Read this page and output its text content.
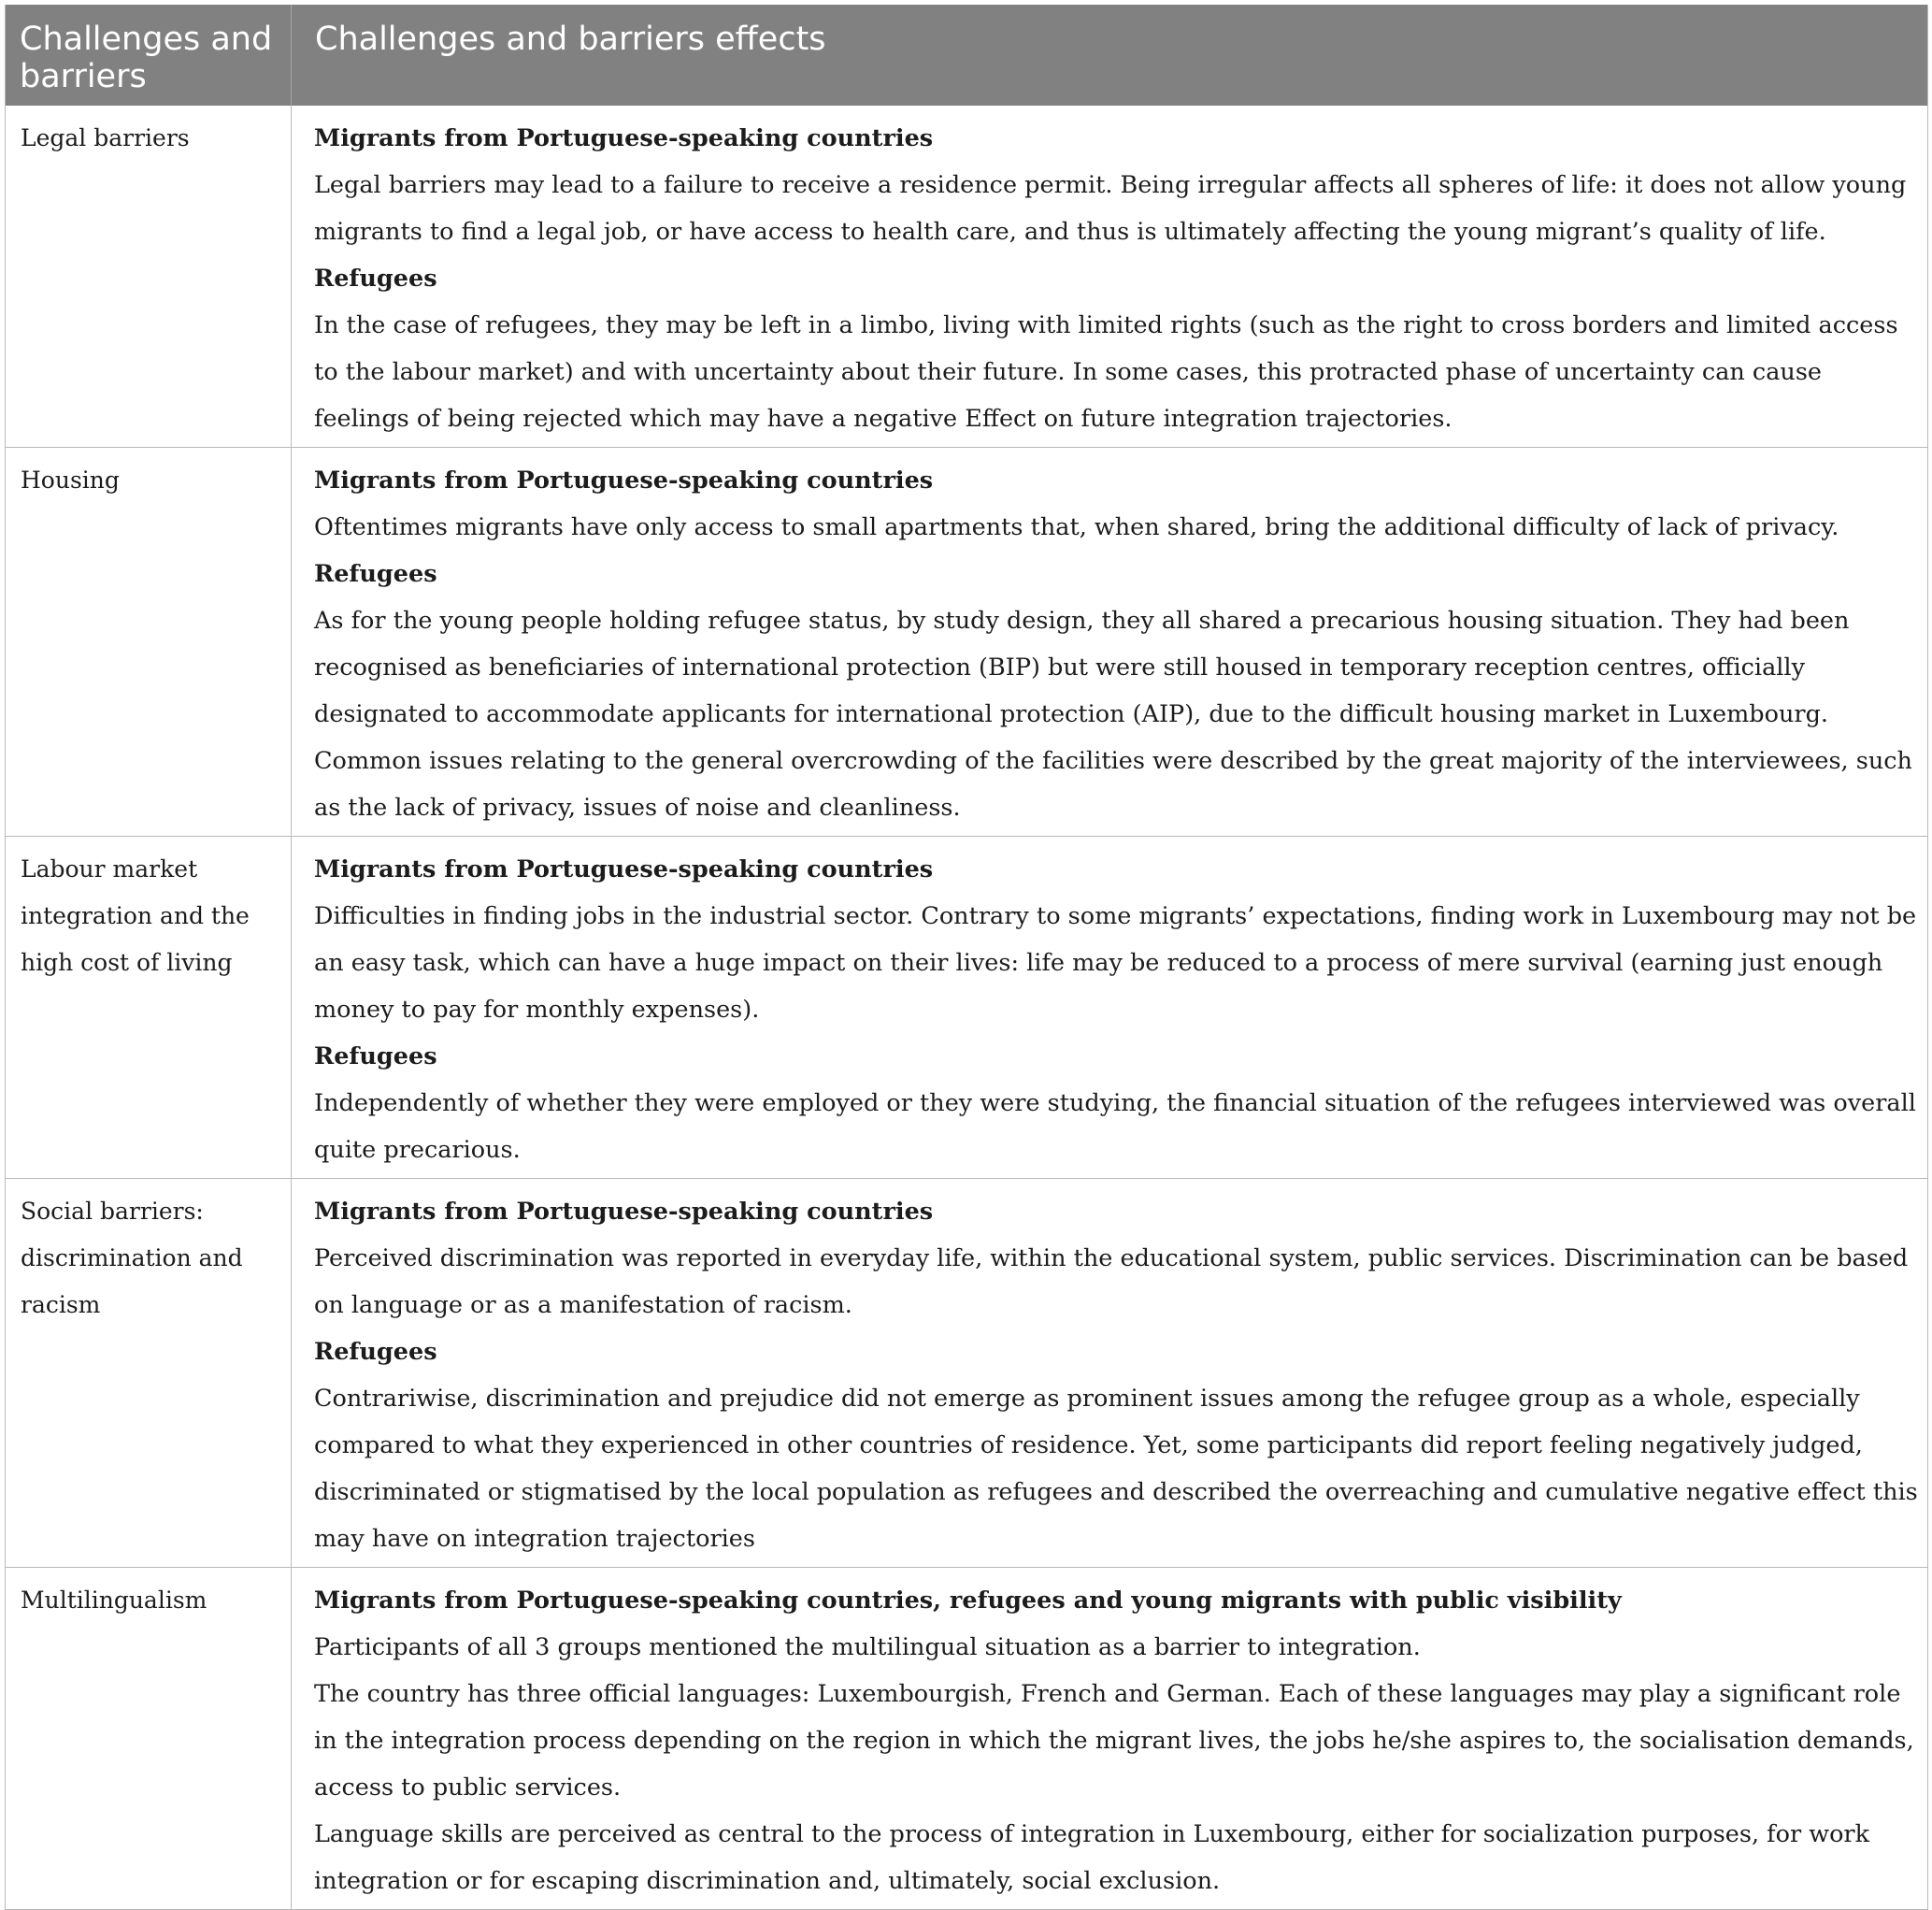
Challenges and barriers	Challenges and barriers effects
Legal barriers	Migrants from Portuguese-speaking countries
Legal barriers may lead to a failure to receive a residence permit. Being irregular affects all spheres of life: it does not allow young migrants to find a legal job, or have access to health care, and thus is ultimately affecting the young migrant’s quality of life.
Refugees
In the case of refugees, they may be left in a limbo, living with limited rights (such as the right to cross borders and limited access to the labour market) and with uncertainty about their future. In some cases, this protracted phase of uncertainty can cause feelings of being rejected which may have a negative Effect on future integration trajectories.

Housing	Migrants from Portuguese-speaking countries
Oftentimes migrants have only access to small apartments that, when shared, bring the additional difficulty of lack of privacy.
Refugees
As for the young people holding refugee status, by study design, they all shared a precarious housing situation. They had been recognised as beneficiaries of international protection (BIP) but were still housed in temporary reception centres, officially designated to accommodate applicants for international protection (AIP), due to the difficult housing market in Luxembourg. Common issues relating to the general overcrowding of the facilities were described by the great majority of the interviewees, such as the lack of privacy, issues of noise and cleanliness.

Labour market integration and the high cost of living	Migrants from Portuguese-speaking countries
Difficulties in finding jobs in the industrial sector. Contrary to some migrants’ expectations, finding work in Luxembourg may not be an easy task, which can have a huge impact on their lives: life may be reduced to a process of mere survival (earning just enough money to pay for monthly expenses).
Refugees
Independently of whether they were employed or they were studying, the financial situation of the refugees interviewed was overall quite precarious.

Social barriers: discrimination and racism	Migrants from Portuguese-speaking countries
Perceived discrimination was reported in everyday life, within the educational system, public services. Discrimination can be based on language or as a manifestation of racism.
Refugees
Contrariwise, discrimination and prejudice did not emerge as prominent issues among the refugee group as a whole, especially compared to what they experienced in other countries of residence. Yet, some participants did report feeling negatively judged, discriminated or stigmatised by the local population as refugees and described the overreaching and cumulative negative effect this may have on integration trajectories

Multilingualism	Migrants from Portuguese-speaking countries, refugees and young migrants with public visibility
Participants of all 3 groups mentioned the multilingual situation as a barrier to integration.
The country has three official languages: Luxembourgish, French and German. Each of these languages may play a significant role in the integration process depending on the region in which the migrant lives, the jobs he/she aspires to, the socialisation demands, access to public services.
Language skills are perceived as central to the process of integration in Luxembourg, either for socialization purposes, for work integration or for escaping discrimination and, ultimately, social exclusion.
